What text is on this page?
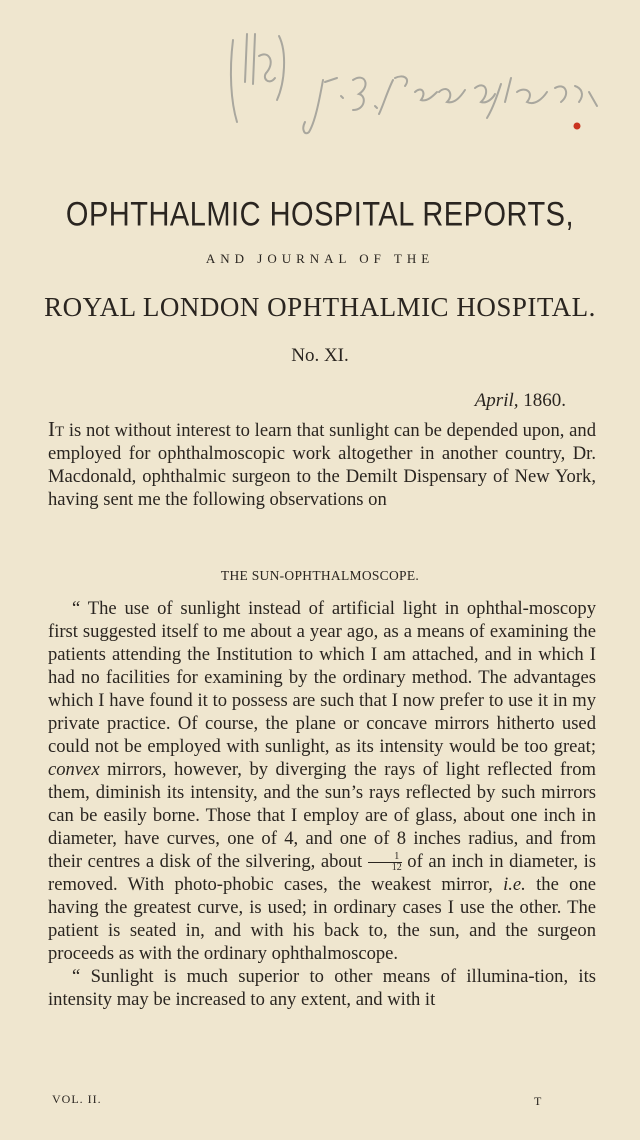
OPHTHALMIC HOSPITAL REPORTS,
AND JOURNAL OF THE
ROYAL LONDON OPHTHALMIC HOSPITAL.
No. XI.
April, 1860.
It is not without interest to learn that sunlight can be depended upon, and employed for ophthalmoscopic work altogether in another country, Dr. Macdonald, ophthalmic surgeon to the Demilt Dispensary of New York, having sent me the following observations on
THE SUN-OPHTHALMOSCOPE.

“ The use of sunlight instead of artificial light in ophthal-moscopy first suggested itself to me about a year ago, as a means of examining the patients attending the Institution to which I am attached, and in which I had no facilities for examining by the ordinary method. The advantages which I have found it to possess are such that I now prefer to use it in my private practice. Of course, the plane or concave mirrors hitherto used could not be employed with sunlight, as its intensity would be too great; convex mirrors, however, by diverging the rays of light reflected from them, diminish its intensity, and the sun’s rays reflected by such mirrors can be easily borne. Those that I employ are of glass, about one inch in diameter, have curves, one of 4, and one of 8 inches radius, and from their centres a disk of the silvering, about $\frac{1}{12}$ of an inch in diameter, is removed. With photo-phobic cases, the weakest mirror, i.e. the one having the greatest curve, is used; in ordinary cases I use the other. The patient is seated in, and with his back to, the sun, and the surgeon proceeds as with the ordinary ophthalmoscope.

“ Sunlight is much superior to other means of illumina-tion, its intensity may be increased to any extent, and with it

VOL. II.	T
